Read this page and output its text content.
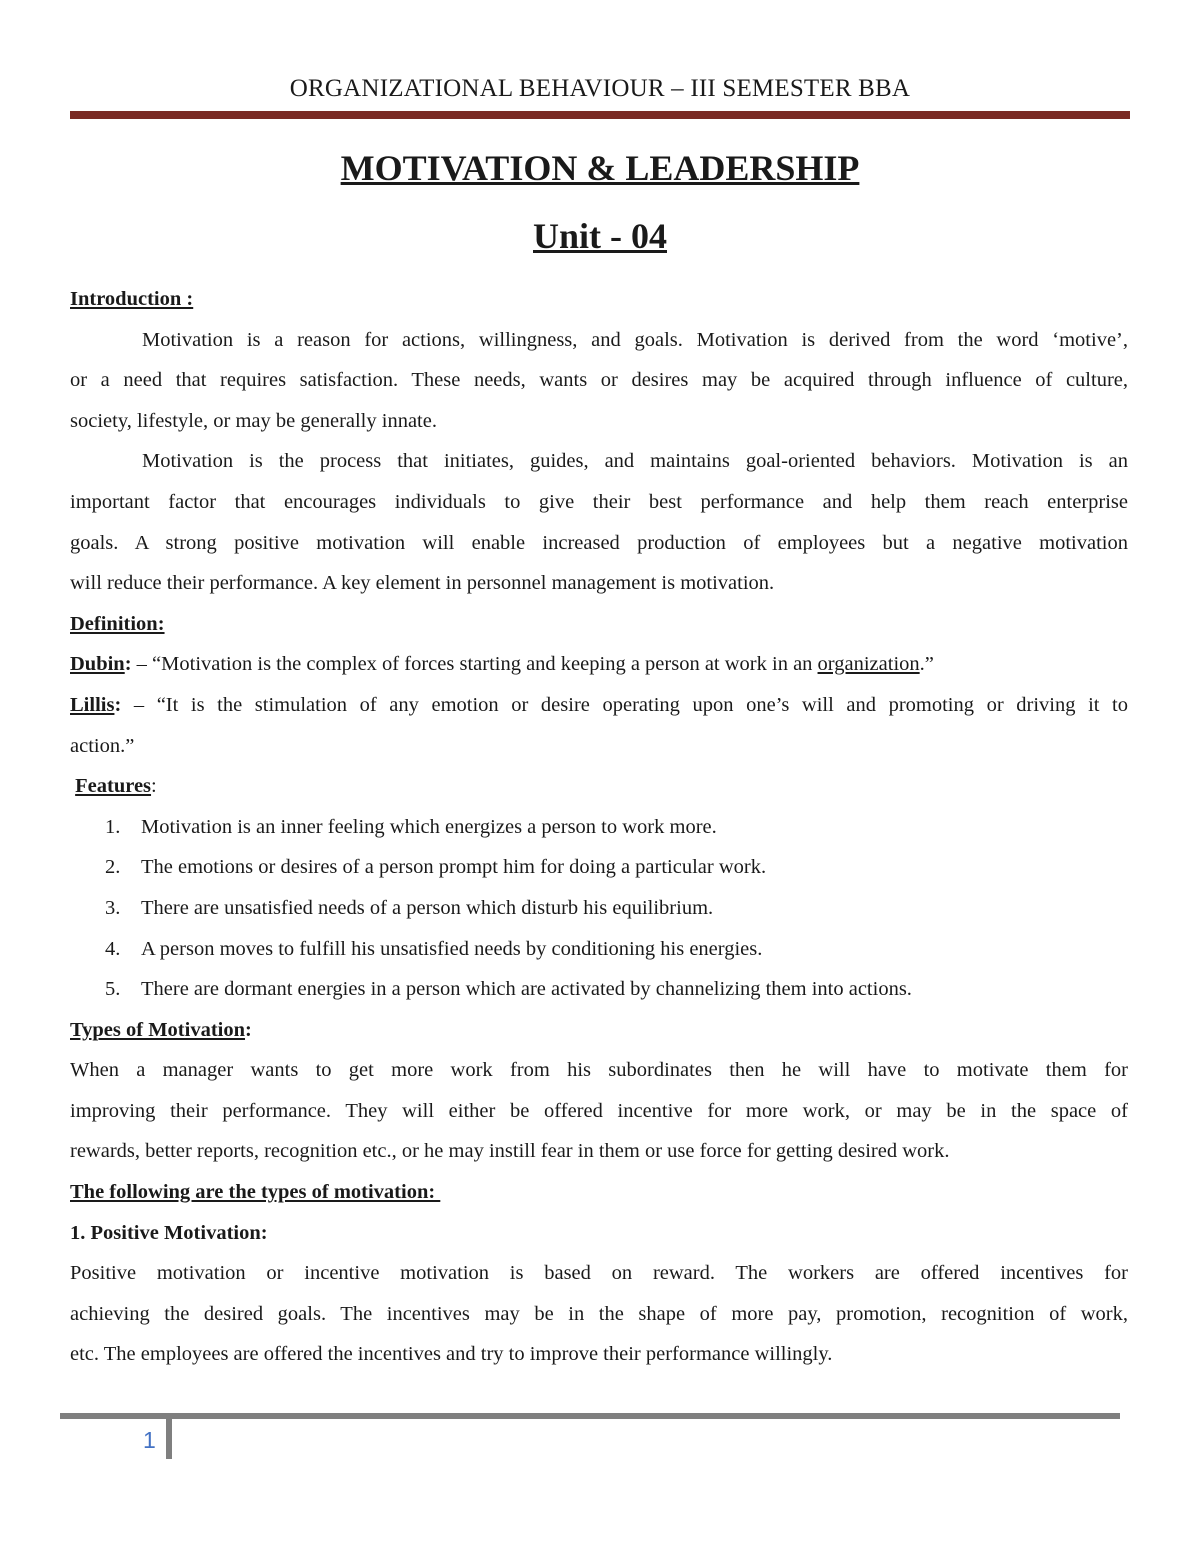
ORGANIZATIONAL BEHAVIOUR – III SEMESTER BBA
MOTIVATION & LEADERSHIP
Unit - 04
Introduction :
Motivation is a reason for actions, willingness, and goals. Motivation is derived from the word ‘motive’,
or a need that requires satisfaction. These needs, wants or desires may be acquired through influence of culture,
society, lifestyle, or may be generally innate.
Motivation is the process that initiates, guides, and maintains goal-oriented behaviors. Motivation is an
important factor that encourages individuals to give their best performance and help them reach enterprise
goals. A strong positive motivation will enable increased production of employees but a negative motivation
will reduce their performance. A key element in personnel management is motivation.
Definition:
Dubin: – “Motivation is the complex of forces starting and keeping a person at work in an organization.”
Lillis: – “It is the stimulation of any emotion or desire operating upon one’s will and promoting or driving it to
action.”
Features:
1. Motivation is an inner feeling which energizes a person to work more.
2. The emotions or desires of a person prompt him for doing a particular work.
3. There are unsatisfied needs of a person which disturb his equilibrium.
4. A person moves to fulfill his unsatisfied needs by conditioning his energies.
5. There are dormant energies in a person which are activated by channelizing them into actions.
Types of Motivation:
When a manager wants to get more work from his subordinates then he will have to motivate them for
improving their performance. They will either be offered incentive for more work, or may be in the space of
rewards, better reports, recognition etc., or he may instill fear in them or use force for getting desired work.
The following are the types of motivation:
1. Positive Motivation:
Positive motivation or incentive motivation is based on reward. The workers are offered incentives for
achieving the desired goals. The incentives may be in the shape of more pay, promotion, recognition of work,
etc. The employees are offered the incentives and try to improve their performance willingly.
1
